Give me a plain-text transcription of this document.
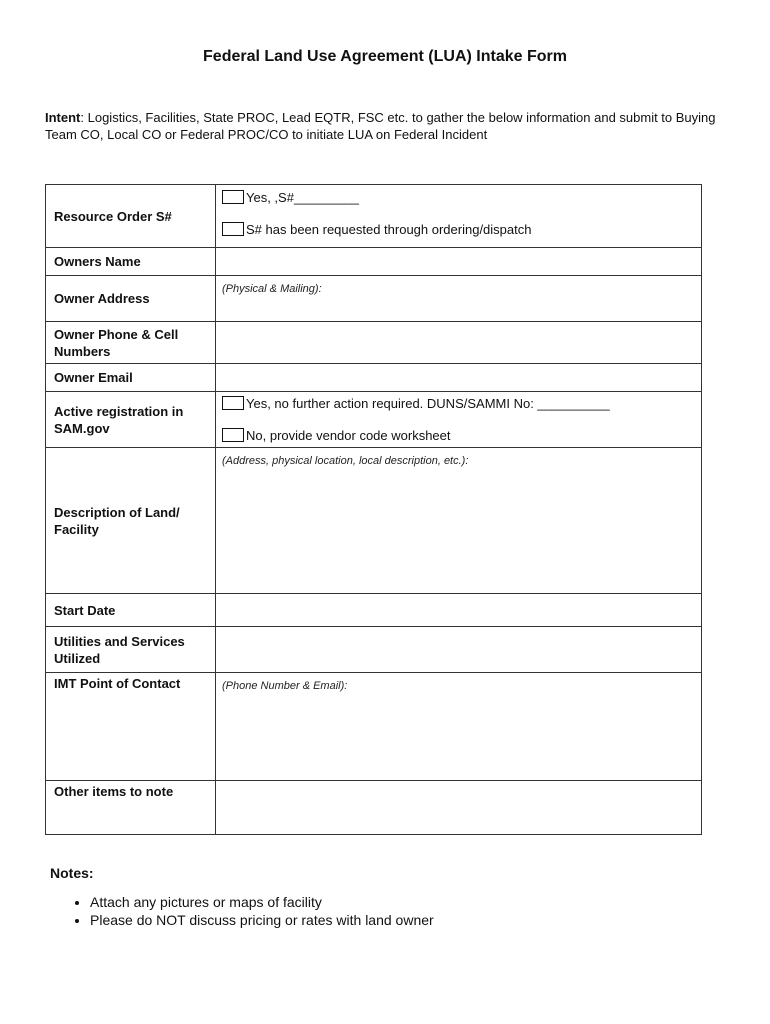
Federal Land Use Agreement (LUA) Intake Form

Intent: Logistics, Facilities, State PROC, Lead EQTR, FSC etc. to gather the below information and submit to Buying Team CO, Local CO or Federal PROC/CO to initiate LUA on Federal Incident

Resource Order S#	Yes, ,S#_________
S# has been requested through ordering/dispatch

Owners Name	
Owner Address	(Physical & Mailing):
Owner Phone & Cell Numbers	
Owner Email	
Active registration in SAM.gov	Yes, no further action required. DUNS/SAMMI No: __________
No, provide vendor code worksheet

Description of Land/ Facility	(Address, physical location, local description, etc.):
Start Date	
Utilities and Services Utilized	
IMT Point of Contact	(Phone Number & Email):
Other items to note	
Notes:
• Attach any pictures or maps of facility
• Please do NOT discuss pricing or rates with land owner
